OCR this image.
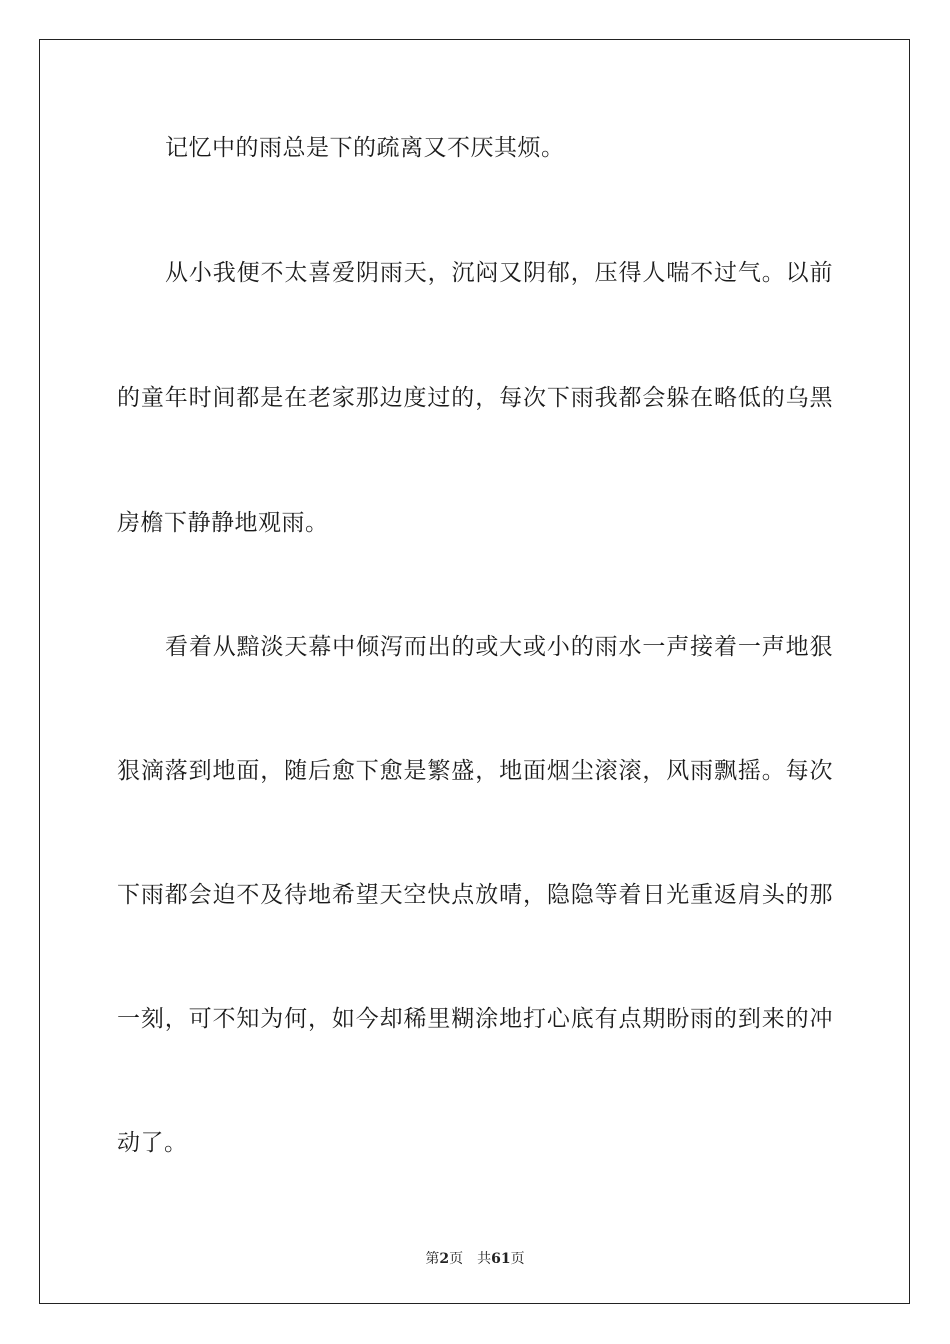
记忆中的雨总是下的疏离又不厌其烦。
从小我便不太喜爱阴雨天，沉闷又阴郁，压得人喘不过气。以前
的童年时间都是在老家那边度过的，每次下雨我都会躲在略低的乌黑
房檐下静静地观雨。
看着从黯淡天幕中倾泻而出的或大或小的雨水一声接着一声地狠
狠滴落到地面，随后愈下愈是繁盛，地面烟尘滚滚，风雨飘摇。每次
下雨都会迫不及待地希望天空快点放晴，隐隐等着日光重返肩头的那
一刻，可不知为何，如今却稀里糊涂地打心底有点期盼雨的到来的冲
动了。
第2页 共61页
